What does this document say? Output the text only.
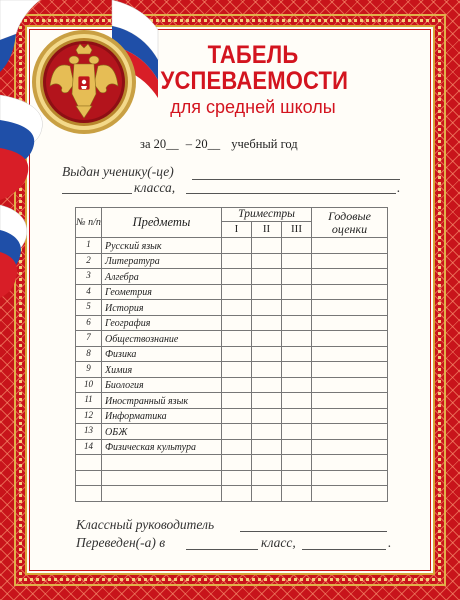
ТАБЕЛЬ
УСПЕВАЕМОСТИ
для средней школы
за 20__ – 20__ учебный год
Выдан ученику(-це)
класса,	.
№ п/п	Предметы	Триместры			Годовые оценки
		I	II	III	
1	Русский язык				
2	Литература				
3	Алгебра				
4	Геометрия				
5	История				
6	География				
7	Обществознание				
8	Физика				
9	Химия				
10	Биология				
11	Иностранный язык				
12	Информатика				
13	ОБЖ				
14	Физическая культура				

Классный руководитель
Переведен(-а) в	класс,	.
